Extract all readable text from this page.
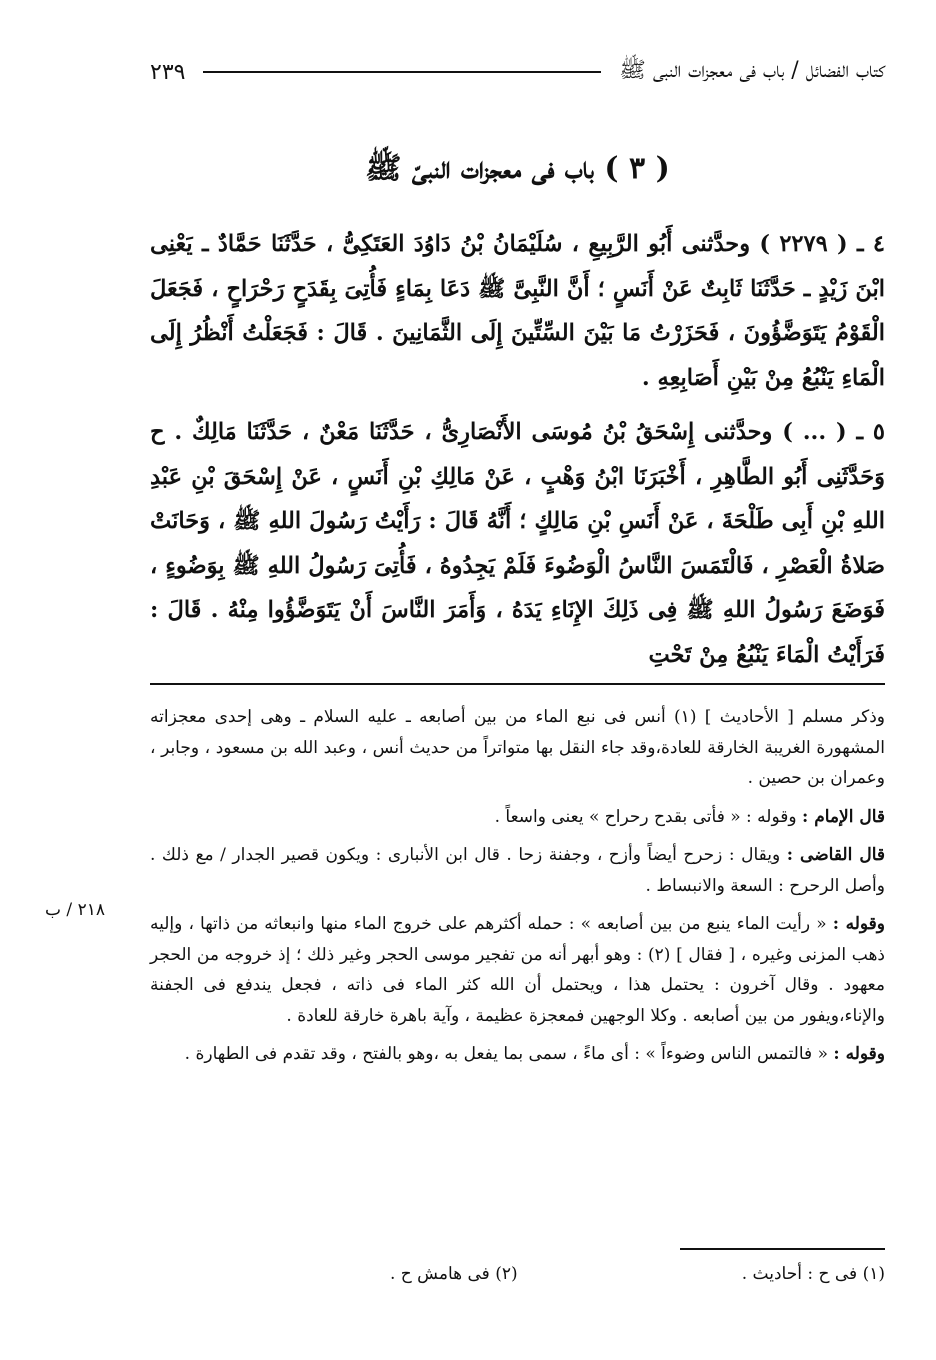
كتاب الفضائل / باب فى معجزات النبى ﷺ
٢٣٩
( ٣ ) باب فى معجزات النبىّ ﷺ

٤ ـ ( ٢٢٧٩ ) وحدَّثنى أَبُو الرَّبِيعِ ، سُلَيْمَانُ بْنُ دَاوُدَ العَتَكِىُّ ، حَدَّثَنَا حَمَّادٌ ـ يَعْنِى ابْنَ زَيْدٍ ـ حَدَّثَنَا ثَابِتٌ عَنْ أَنَسٍ ؛ أَنَّ النَّبِىَّ ﷺ دَعَا بِمَاءٍ فَأُتِىَ بِقَدَحٍ رَحْرَاحٍ ، فَجَعَلَ الْقَوْمُ يَتَوَضَّؤُونَ ، فَحَزَرْتُ مَا بَيْنَ السِّتِّينَ إِلَى الثَّمَانِينَ . قَالَ : فَجَعَلْتُ أَنْظُرُ إِلَى الْمَاءِ يَنْبُعُ مِنْ بَيْنِ أَصَابِعِهِ .

٥ ـ ( ... ) وحدَّثنى إِسْحَقُ بْنُ مُوسَى الأَنْصَارِىُّ ، حَدَّثَنَا مَعْنٌ ، حَدَّثَنَا مَالِكٌ . ح وَحَدَّثَنِى أَبُو الطَّاهِرِ ، أَخْبَرَنَا ابْنُ وَهْبٍ ، عَنْ مَالِكِ بْنِ أَنَسٍ ، عَنْ إِسْحَقَ بْنِ عَبْدِ اللهِ بْنِ أَبِى طَلْحَةَ ، عَنْ أَنَسِ بْنِ مَالِكٍ ؛ أَنَّهُ قَالَ : رَأَيْتُ رَسُولَ اللهِ ﷺ ، وَحَانَتْ صَلاةُ الْعَصْرِ ، فَالْتَمَسَ النَّاسُ الْوَضُوءَ فَلَمْ يَجِدُوهُ ، فَأُتِىَ رَسُولُ اللهِ ﷺ بِوَضُوءٍ ، فَوَضَعَ رَسُولُ اللهِ ﷺ فِى ذَلِكَ الإِنَاءِ يَدَهُ ، وَأَمَرَ النَّاسَ أَنْ يَتَوَضَّؤُوا مِنْهُ . قَالَ : فَرَأَيْتُ الْمَاءَ يَنْبُعُ مِنْ تَحْتِ

وذكر مسلم [ الأحاديث ] (١) أنس فى نبع الماء من بين أصابعه ـ عليه السلام ـ وهى إحدى معجزاته المشهورة الغريبة الخارقة للعادة،وقد جاء النقل بها متواتراً من حديث أنس ، وعبد الله بن مسعود ، وجابر ، وعمران بن حصين .

قال الإمام : وقوله : « فأتى بقدح رحراح » يعنى واسعاً .

قال القاضى : ويقال : زحرح أيضاً وأزح ، وجفنة زحا . قال ابن الأنبارى : ويكون قصير الجدار / مع ذلك . وأصل الرحرح : السعة والانبساط .

وقوله : « رأيت الماء ينبع من بين أصابعه » : حمله أكثرهم على خروج الماء منها وانبعاثه من ذاتها ، وإليه ذهب المزنى وغيره ، [ فقال ] (٢) : وهو أبهر أنه من تفجير موسى الحجر وغير ذلك ؛ إذ خروجه من الحجر معهود . وقال آخرون : يحتمل هذا ، ويحتمل أن الله كثر الماء فى ذاته ، فجعل يندفع فى الجفنة والإناء،ويفور من بين أصابعه . وكلا الوجهين فمعجزة عظيمة ، وآية باهرة خارقة للعادة .

وقوله : « فالتمس الناس وضوءاً » : أى ماءً ، سمى بما يفعل به ،وهو بالفتح ، وقد تقدم فى الطهارة .

٢١٨ / ب
(١) فى ح : أحاديث .
(٢) فى هامش ح .
